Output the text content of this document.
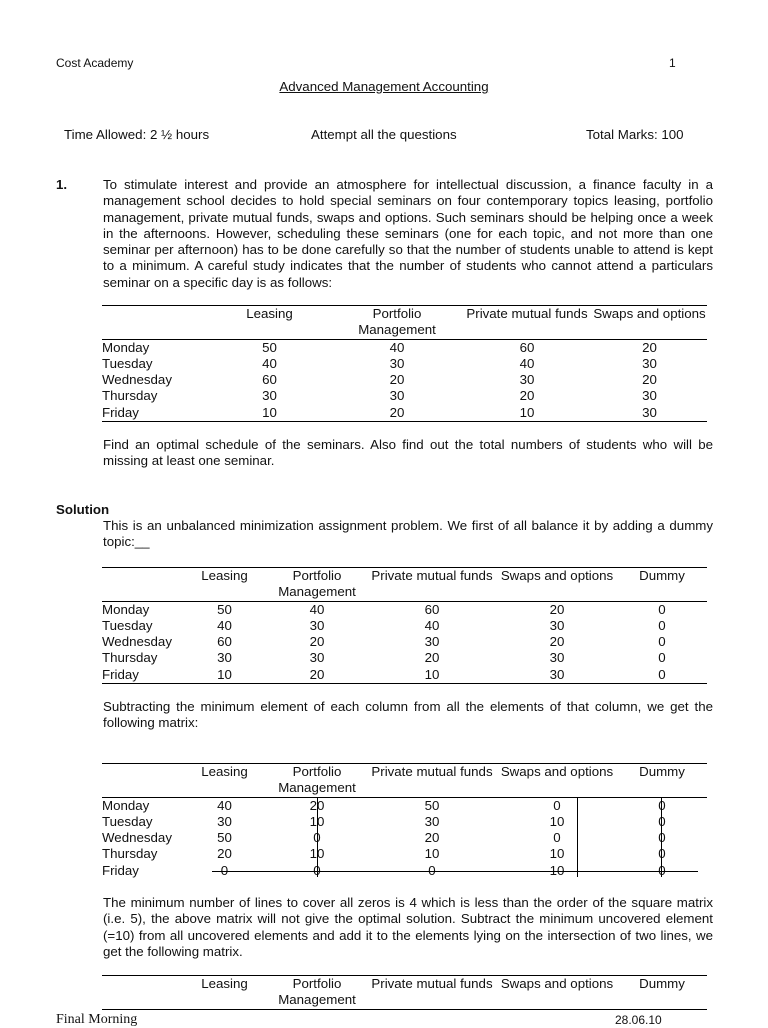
Cost Academy	1
Advanced Management Accounting
Time Allowed: 2 ½ hours	Attempt all the questions	Total Marks: 100
1.	To stimulate interest and provide an atmosphere for intellectual discussion, a finance faculty in a management school decides to hold special seminars on four contemporary topics leasing, portfolio management, private mutual funds, swaps and options. Such seminars should be helping once a week in the afternoons. However, scheduling these seminars (one for each topic, and not more than one seminar per afternoon) has to be done carefully so that the number of students unable to attend is kept to a minimum. A careful study indicates that the number of students who cannot attend a particulars seminar on a specific day is as follows:
	Leasing	Portfolio Management	Private mutual funds	Swaps and options
Monday	50	40	60	20
Tuesday	40	30	40	30
Wednesday	60	20	30	20
Thursday	30	30	20	30
Friday	10	20	10	30
Find an optimal schedule of the seminars. Also find out the total numbers of students who will be missing at least one seminar.
Solution
This is an unbalanced minimization assignment problem. We first of all balance it by adding a dummy topic:__
	Leasing	Portfolio Management	Private mutual funds	Swaps and options	Dummy
Monday	50	40	60	20	0
Tuesday	40	30	40	30	0
Wednesday	60	20	30	20	0
Thursday	30	30	20	30	0
Friday	10	20	10	30	0
Subtracting the minimum element of each column from all the elements of that column, we get the following matrix:
	Leasing	Portfolio Management	Private mutual funds	Swaps and options	Dummy
Monday	40	20	50	0	0
Tuesday	30	10	30	10	0
Wednesday	50	0	20	0	0
Thursday	20	10	10	10	0
Friday	0	0	0	10	0
The minimum number of lines to cover all zeros is 4 which is less than the order of the square matrix (i.e. 5), the above matrix will not give the optimal solution. Subtract the minimum uncovered element (=10) from all uncovered elements and add it to the elements lying on the intersection of two lines, we get the following matrix.
	Leasing	Portfolio Management	Private mutual funds	Swaps and options	Dummy
Final Morning	28.06.10
